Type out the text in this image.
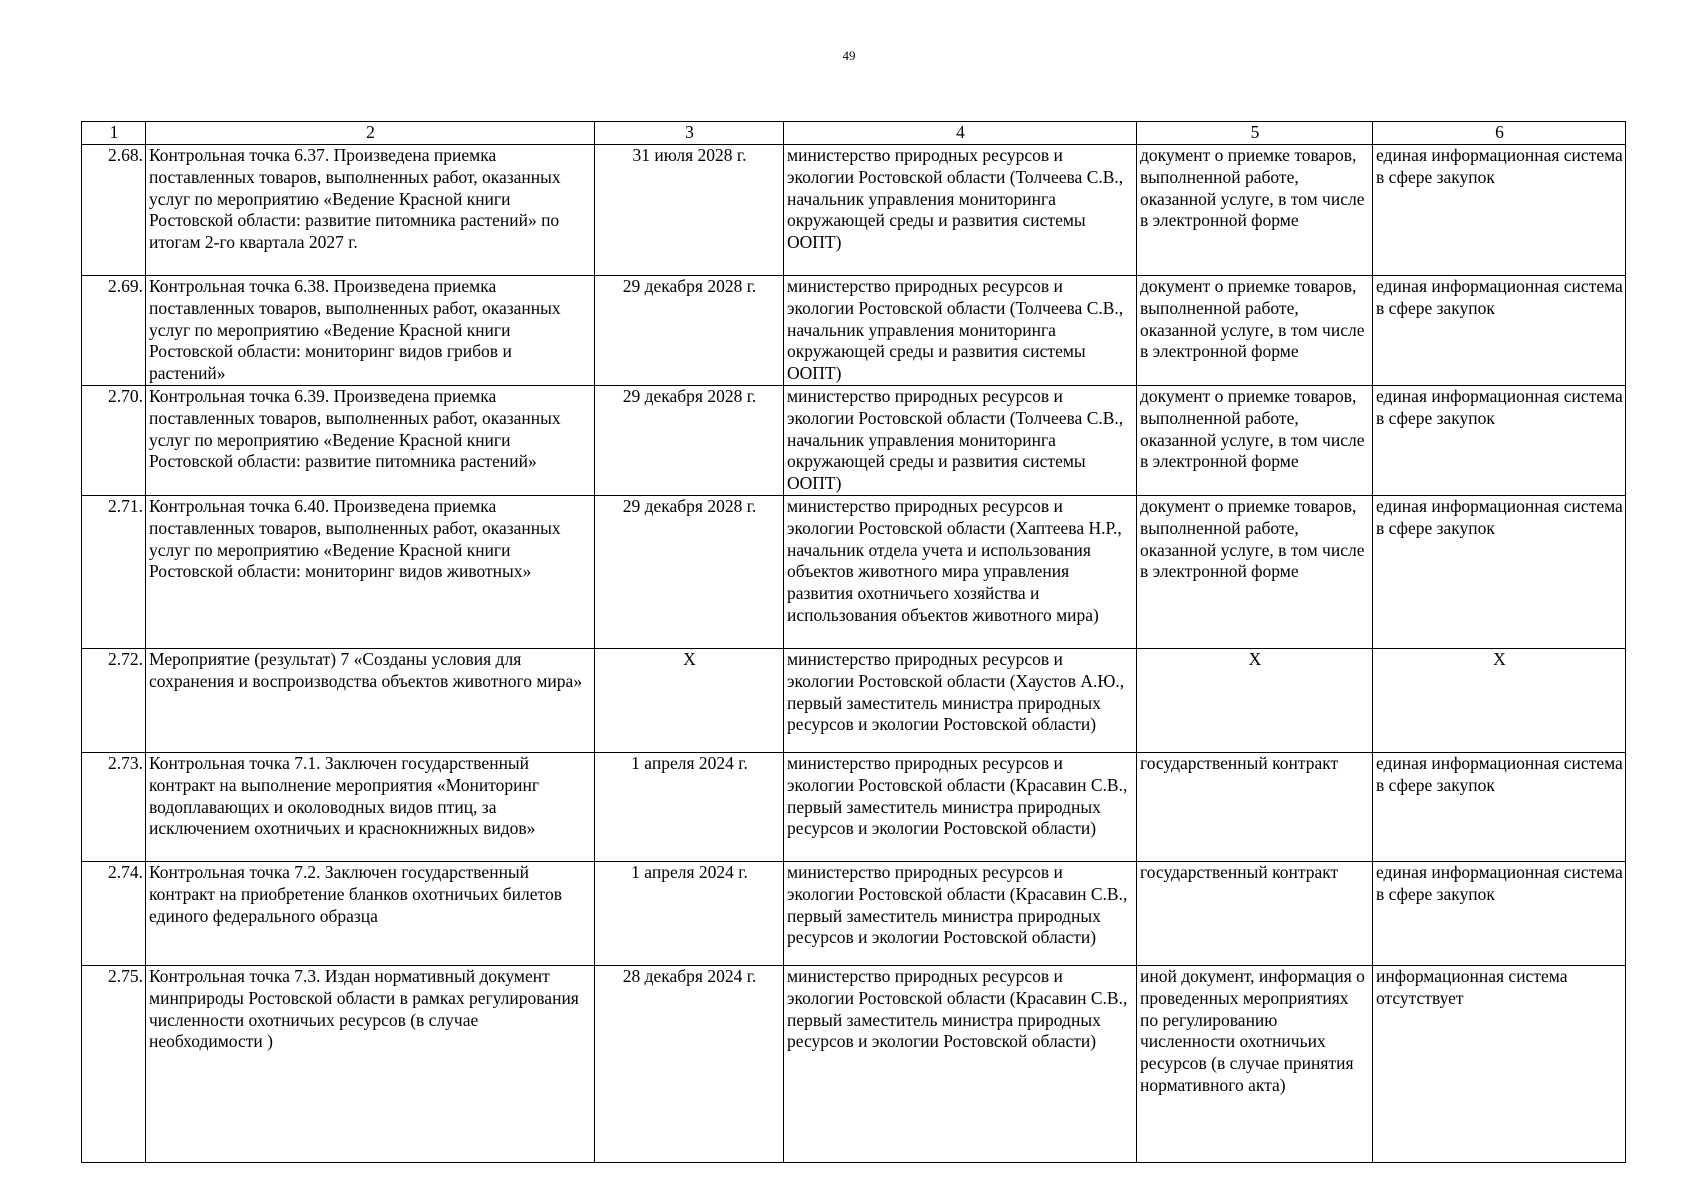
49
1	2	3	4	5	6
2.68.	Контрольная точка 6.37. Произведена приемка поставленных товаров, выполненных работ, оказанных услуг по мероприятию «Ведение Красной книги Ростовской области: развитие питомника растений» по итогам 2-го квартала 2027 г.	31 июля 2028 г.	министерство природных ресурсов и экологии Ростовской области (Толчеева С.В., начальник управления мониторинга окружающей среды и развития системы ООПТ)	документ о приемке товаров, выполненной работе, оказанной услуге, в том числе в электронной форме	единая информационная система в сфере закупок
2.69.	Контрольная точка 6.38. Произведена приемка поставленных товаров, выполненных работ, оказанных услуг по мероприятию «Ведение Красной книги Ростовской области: мониторинг видов грибов и растений»	29 декабря 2028 г.	министерство природных ресурсов и экологии Ростовской области (Толчеева С.В., начальник управления мониторинга окружающей среды и развития системы ООПТ)	документ о приемке товаров, выполненной работе, оказанной услуге, в том числе в электронной форме	единая информационная система в сфере закупок
2.70.	Контрольная точка 6.39. Произведена приемка поставленных товаров, выполненных работ, оказанных услуг по мероприятию «Ведение Красной книги Ростовской области: развитие питомника растений»	29 декабря 2028 г.	министерство природных ресурсов и экологии Ростовской области (Толчеева С.В., начальник управления мониторинга окружающей среды и развития системы ООПТ)	документ о приемке товаров, выполненной работе, оказанной услуге, в том числе в электронной форме	единая информационная система в сфере закупок
2.71.	Контрольная точка 6.40. Произведена приемка поставленных товаров, выполненных работ, оказанных услуг по мероприятию «Ведение Красной книги Ростовской области: мониторинг видов животных»	29 декабря 2028 г.	министерство природных ресурсов и экологии Ростовской области (Хаптеева Н.Р., начальник отдела учета и использования объектов животного мира управления развития охотничьего хозяйства и использования объектов животного мира)	документ о приемке товаров, выполненной работе, оказанной услуге, в том числе в электронной форме	единая информационная система в сфере закупок
2.72.	Мероприятие (результат) 7 «Созданы условия для сохранения и воспроизводства объектов животного мира»	X	министерство природных ресурсов и экологии Ростовской области (Хаустов А.Ю., первый заместитель министра природных ресурсов и экологии Ростовской области)	X	X
2.73.	Контрольная точка 7.1. Заключен государственный контракт на выполнение мероприятия «Мониторинг водоплавающих и околоводных видов птиц, за исключением охотничьих и краснокнижных видов»	1 апреля 2024 г.	министерство природных ресурсов и экологии Ростовской области (Красавин С.В., первый заместитель министра природных ресурсов и экологии Ростовской области)	государственный контракт	единая информационная система в сфере закупок
2.74.	Контрольная точка 7.2. Заключен государственный контракт на приобретение бланков охотничьих билетов единого федерального образца	1 апреля 2024 г.	министерство природных ресурсов и экологии Ростовской области (Красавин С.В., первый заместитель министра природных ресурсов и экологии Ростовской области)	государственный контракт	единая информационная система в сфере закупок
2.75.	Контрольная точка 7.3. Издан нормативный документ минприроды Ростовской области в рамках регулирования численности охотничьих ресурсов (в случае необходимости )	28 декабря 2024 г.	министерство природных ресурсов и экологии Ростовской области (Красавин С.В., первый заместитель министра природных ресурсов и экологии Ростовской области)	иной документ, информация о проведенных мероприятиях по регулированию численности охотничьих ресурсов (в случае принятия нормативного акта)	информационная система отсутствует
